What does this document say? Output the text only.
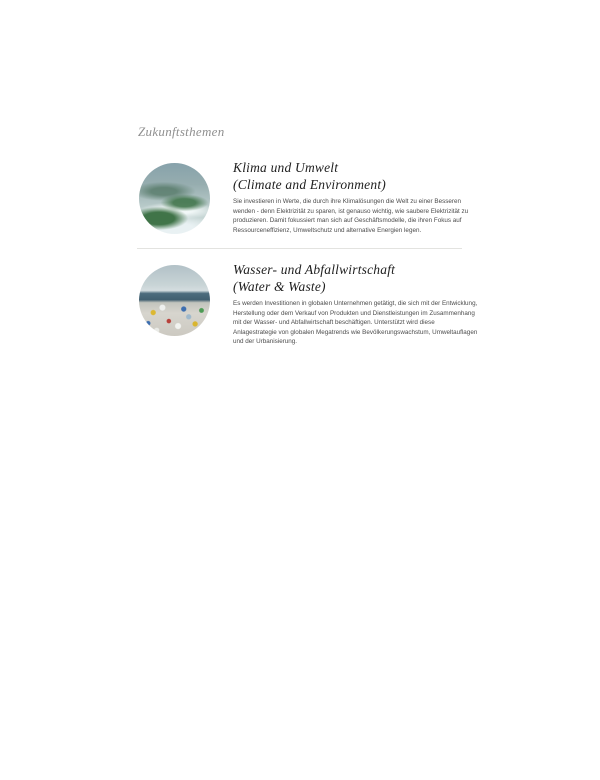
Zukunftsthemen
Klima und Umwelt
(Climate and Environment)
Sie investieren in Werte, die durch ihre Klimalösungen die Welt zu einer Besseren
wenden - denn Elektrizität zu sparen, ist genauso wichtig, wie saubere Elektrizität zu
produzieren. Damit fokussiert man sich auf Geschäftsmodelle, die ihren Fokus auf
Ressourceneffizienz, Umweltschutz und alternative Energien legen.
Wasser- und Abfallwirtschaft
(Water & Waste)
Es werden Investitionen in globalen Unternehmen getätigt, die sich mit der Entwicklung,
Herstellung oder dem Verkauf von Produkten und Dienstleistungen im Zusammenhang
mit der Wasser- und Abfallwirtschaft beschäftigen. Unterstützt wird diese
Anlagestrategie von globalen Megatrends wie Bevölkerungswachstum, Umweltauflagen
und der Urbanisierung.
